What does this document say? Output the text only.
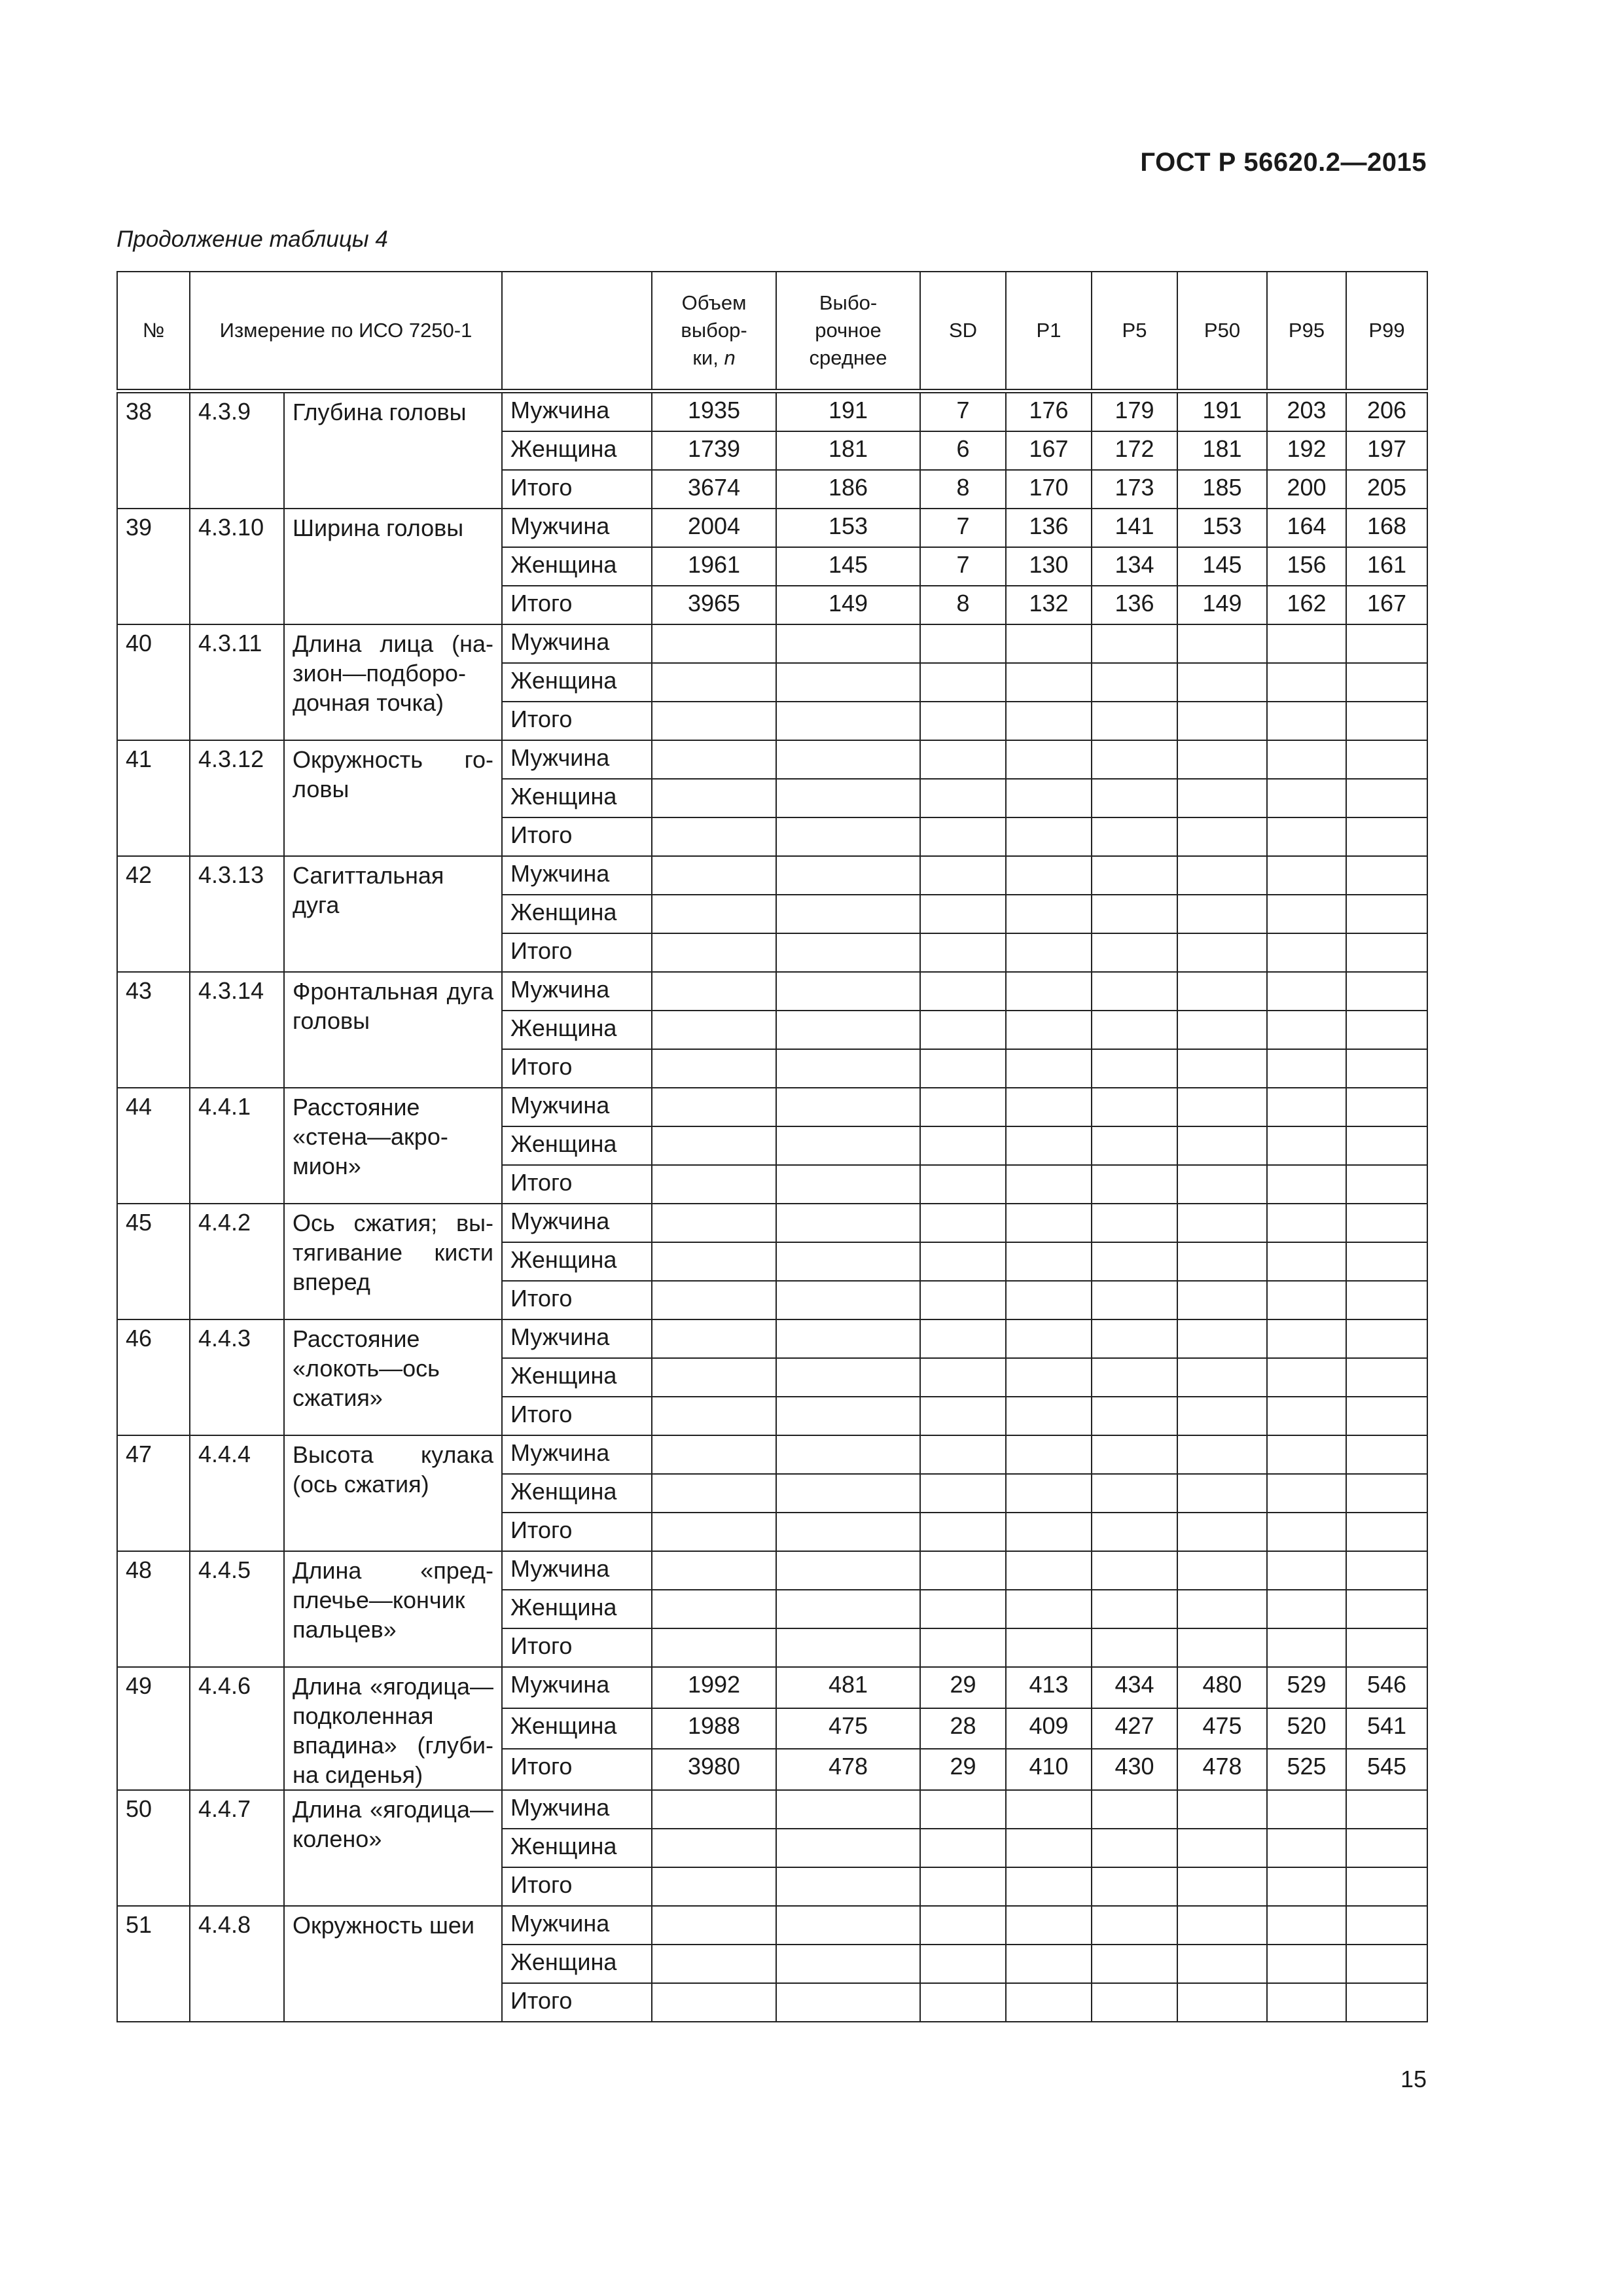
ГОСТ Р 56620.2—2015
Продолжение таблицы 4
№	Измерение по ИСО 7250-1			Объем
выбор-
ки, n	Выбо-
рочное
среднее	SD	P1	P5	P50	P95	P99
38	4.3.9	Глубина головы	Мужчина	1935	191	7	176	179	191	203	206
			Женщина	1739	181	6	167	172	181	192	197
			Итого	3674	186	8	170	173	185	200	205
39	4.3.10	Ширина головы	Мужчина	2004	153	7	136	141	153	164	168
			Женщина	1961	145	7	130	134	145	156	161
			Итого	3965	149	8	132	136	149	162	167
40	4.3.11	Длина лица (назион—подбородочная точка)	Мужчина								
			Женщина								
			Итого								
41	4.3.12	Окружность головы	Мужчина								
			Женщина								
			Итого								
42	4.3.13	Сагиттальная дуга	Мужчина								
			Женщина								
			Итого								
43	4.3.14	Фронтальная дуга головы	Мужчина								
			Женщина								
			Итого								
44	4.4.1	Расстояние «стена—акромион»	Мужчина								
			Женщина								
			Итого								
45	4.4.2	Ось сжатия; вытягивание кисти вперед	Мужчина								
			Женщина								
			Итого								
46	4.4.3	Расстояние «локоть—ось сжатия»	Мужчина								
			Женщина								
			Итого								
47	4.4.4	Высота кулака (ось сжатия)	Мужчина								
			Женщина								
			Итого								
48	4.4.5	Длина «предплечье—кончик пальцев»	Мужчина								
			Женщина								
			Итого								
49	4.4.6	Длина «ягодица—подколенная впадина» (глубина сиденья)	Мужчина	1992	481	29	413	434	480	529	546
			Женщина	1988	475	28	409	427	475	520	541
			Итого	3980	478	29	410	430	478	525	545
50	4.4.7	Длина «ягодица—колено»	Мужчина								
			Женщина								
			Итого								
51	4.4.8	Окружность шеи	Мужчина								
			Женщина								
			Итого								
15
